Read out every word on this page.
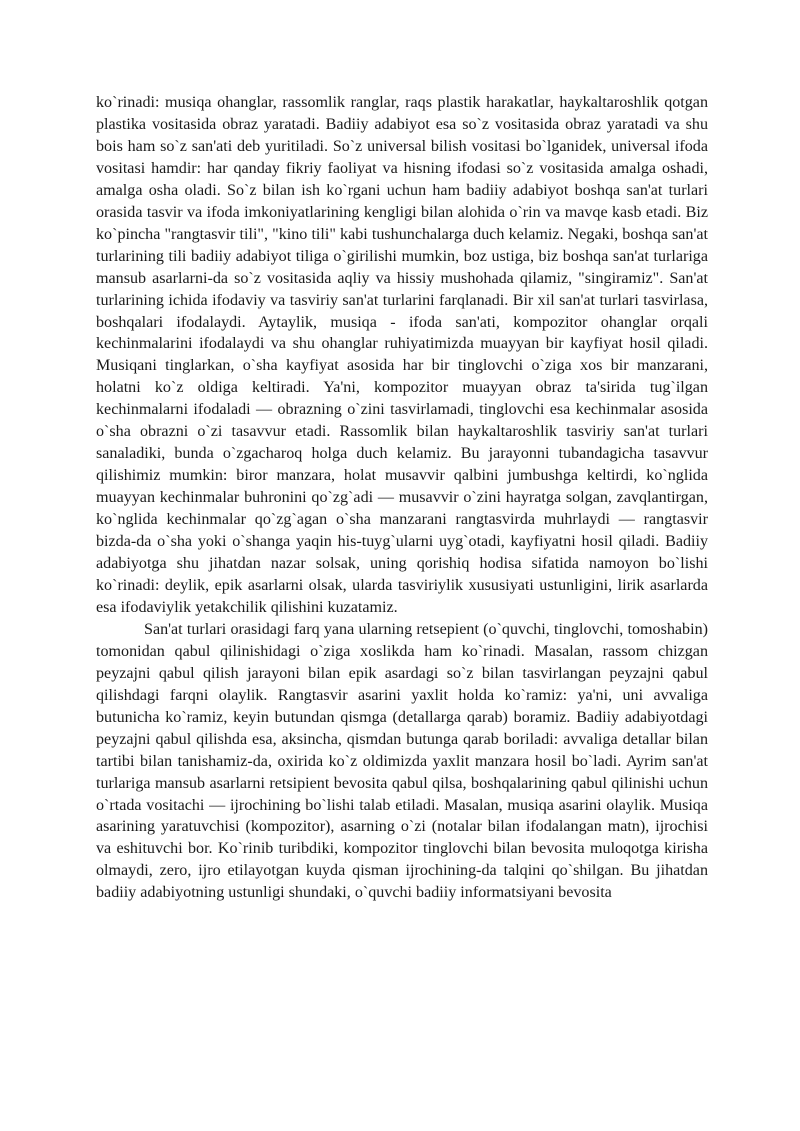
ko`rinadi: musiqa ohanglar, rassomlik ranglar, raqs plastik harakatlar, haykaltaroshlik qotgan plastika vositasida obraz yaratadi. Badiiy adabiyot esa so`z vositasida obraz yaratadi va shu bois ham so`z san'ati deb yuritiladi. So`z universal bilish vositasi bo`lganidek, universal ifoda vositasi hamdir: har qanday fikriy faoliyat va hisning ifodasi so`z vositasida amalga oshadi, amalga osha oladi. So`z bilan ish ko`rgani uchun ham badiiy adabiyot boshqa san'at turlari orasida tasvir va ifoda imkoniyatlarining kengligi bilan alohida o`rin va mavqe kasb etadi. Biz ko`pincha "rangtasvir tili", "kino tili" kabi tushunchalarga duch kelamiz. Negaki, boshqa san'at turlarining tili badiiy adabiyot tiliga o`girilishi mumkin, boz ustiga, biz boshqa san'at turlariga mansub asarlarni-da so`z vositasida aqliy va hissiy mushohada qilamiz, "singiramiz". San'at turlarining ichida ifodaviy va tasviriy san'at turlarini farqlanadi. Bir xil san'at turlari tasvirlasa, boshqalari ifodalaydi. Aytaylik, musiqa - ifoda san'ati, kompozitor ohanglar orqali kechinmalarini ifodalaydi va shu ohanglar ruhiyatimizda muayyan bir kayfiyat hosil qiladi. Musiqani tinglarkan, o`sha kayfiyat asosida har bir tinglovchi o`ziga xos bir manzarani, holatni ko`z oldiga keltiradi. Ya'ni, kompozitor muayyan obraz ta'sirida tug`ilgan kechinmalarni ifodaladi — obrazning o`zini tasvirlamadi, tinglovchi esa kechinmalar asosida o`sha obrazni o`zi tasavvur etadi. Rassomlik bilan haykaltaroshlik tasviriy san'at turlari sanaladiki, bunda o`zgacharoq holga duch kelamiz. Bu jarayonni tubandagicha tasavvur qilishimiz mumkin: biror manzara, holat musavvir qalbini jumbushga keltirdi, ko`nglida muayyan kechinmalar buhronini qo`zg`adi — musavvir o`zini hayratga solgan, zavqlantirgan, ko`nglida kechinmalar qo`zg`agan o`sha manzarani rangtasvirda muhrlaydi — rangtasvir bizda-da o`sha yoki o`shanga yaqin his-tuyg`ularni uyg`otadi, kayfiyatni hosil qiladi. Badiiy adabiyotga shu jihatdan nazar solsak, uning qorishiq hodisa sifatida namoyon bo`lishi ko`rinadi: deylik, epik asarlarni olsak, ularda tasviriylik xususiyati ustunligini, lirik asarlarda esa ifodaviylik yetakchilik qilishini kuzatamiz.

San'at turlari orasidagi farq yana ularning retsepient (o`quvchi, tinglovchi, tomoshabin) tomonidan qabul qilinishidagi o`ziga xoslikda ham ko`rinadi. Masalan, rassom chizgan peyzajni qabul qilish jarayoni bilan epik asardagi so`z bilan tasvirlangan peyzajni qabul qilishdagi farqni olaylik. Rangtasvir asarini yaxlit holda ko`ramiz: ya'ni, uni avvaliga butunicha ko`ramiz, keyin butundan qismga (detallarga qarab) boramiz. Badiiy adabiyotdagi peyzajni qabul qilishda esa, aksincha, qismdan butunga qarab boriladi: avvaliga detallar bilan tartibi bilan tanishamiz-da, oxirida ko`z oldimizda yaxlit manzara hosil bo`ladi. Ayrim san'at turlariga mansub asarlarni retsipient bevosita qabul qilsa, boshqalarining qabul qilinishi uchun o`rtada vositachi — ijrochining bo`lishi talab etiladi. Masalan, musiqa asarini olaylik. Musiqa asarining yaratuvchisi (kompozitor), asarning o`zi (notalar bilan ifodalangan matn), ijrochisi va eshituvchi bor. Ko`rinib turibdiki, kompozitor tinglovchi bilan bevosita muloqotga kirisha olmaydi, zero, ijro etilayotgan kuyda qisman ijrochining-da talqini qo`shilgan. Bu jihatdan badiiy adabiyotning ustunligi shundaki, o`quvchi badiiy informatsiyani bevosita
